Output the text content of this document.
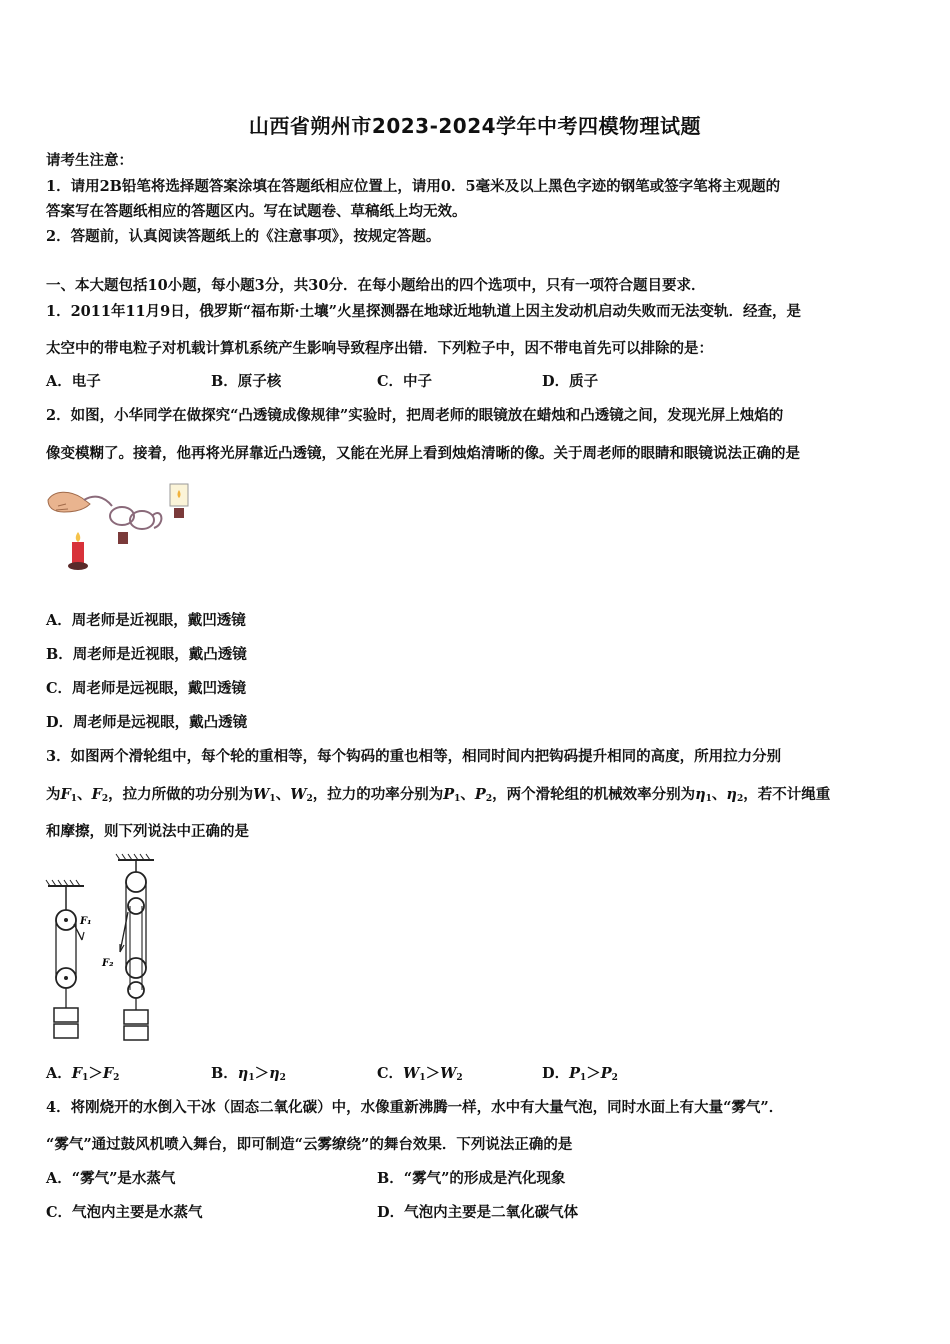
山西省朔州市2023-2024学年中考四模物理试题
请考生注意：
1．请用2B铅笔将选择题答案涂填在答题纸相应位置上，请用0．5毫米及以上黑色字迹的钢笔或签字笔将主观题的
答案写在答题纸相应的答题区内。写在试题卷、草稿纸上均无效。
2．答题前，认真阅读答题纸上的《注意事项》，按规定答题。
一、本大题包括10小题，每小题3分，共30分．在每小题给出的四个选项中，只有一项符合题目要求．
1．2011年11月9日，俄罗斯“福布斯·土壤”火星探测器在地球近地轨道上因主发动机启动失败而无法变轨．经查，是
太空中的带电粒子对机载计算机系统产生影响导致程序出错．下列粒子中，因不带电首先可以排除的是：
A．电子	B．原子核	C．中子	D．质子
2．如图，小华同学在做探究“凸透镜成像规律”实验时，把周老师的眼镜放在蜡烛和凸透镜之间，发现光屏上烛焰的
像变模糊了。接着，他再将光屏靠近凸透镜，又能在光屏上看到烛焰清晰的像。关于周老师的眼睛和眼镜说法正确的是
A．周老师是近视眼，戴凹透镜
B．周老师是近视眼，戴凸透镜
C．周老师是远视眼，戴凹透镜
D．周老师是远视眼，戴凸透镜
3．如图两个滑轮组中，每个轮的重相等，每个钩码的重也相等，相同时间内把钩码提升相同的高度，所用拉力分别
为$F_1$、$F_2$，拉力所做的功分别为$W_1$、$W_2$，拉力的功率分别为$P_1$、$P_2$，两个滑轮组的机械效率分别为$\eta_1$、$\eta_2$，若不计绳重
和摩擦，则下列说法中正确的是
F₁
F₂
A．$F_1>F_2$	B．$\eta_1>\eta_2$	C．$W_1>W_2$	D．$P_1>P_2$
4．将刚烧开的水倒入干冰（固态二氧化碳）中，水像重新沸腾一样，水中有大量气泡，同时水面上有大量“雾气”．
“雾气”通过鼓风机喷入舞台，即可制造“云雾缭绕”的舞台效果．下列说法正确的是
A．“雾气”是水蒸气	B．“雾气”的形成是汽化现象
C．气泡内主要是水蒸气	D．气泡内主要是二氧化碳气体
